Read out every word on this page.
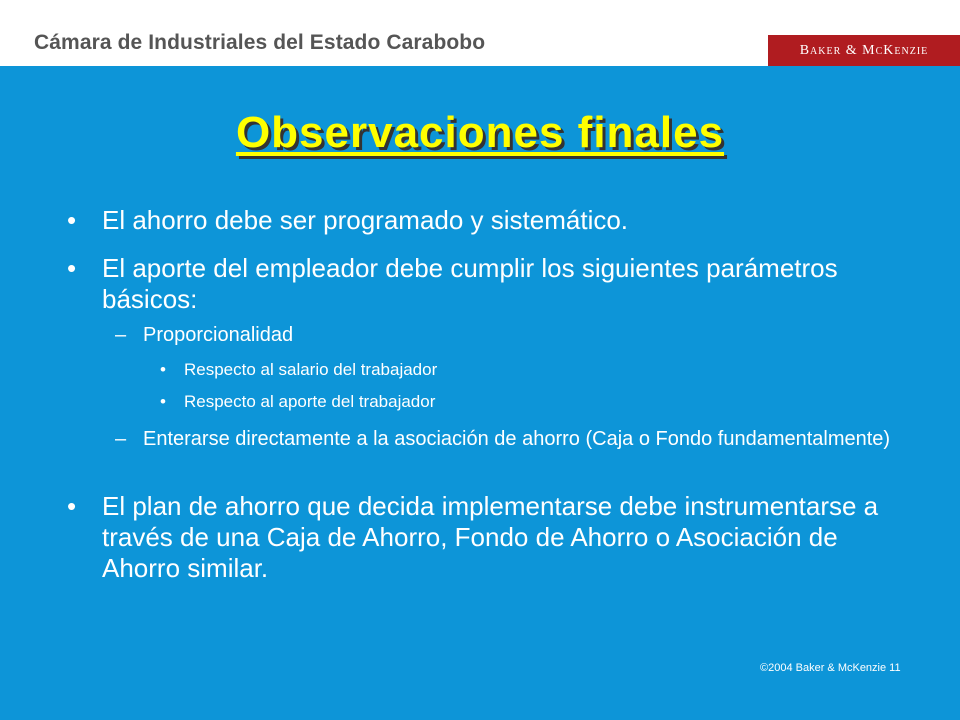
Cámara de Industriales del Estado Carabobo	Baker & McKenzie
Observaciones finales
• El ahorro debe ser programado y sistemático.
• El aporte del empleador debe cumplir los siguientes parámetros básicos:
– Proporcionalidad
• Respecto al salario del trabajador
• Respecto al aporte del trabajador
– Enterarse directamente a la asociación de ahorro (Caja o Fondo fundamentalmente)
• El plan de ahorro que decida implementarse debe instrumentarse a través de una Caja de Ahorro, Fondo de Ahorro o Asociación de Ahorro similar.
©2004 Baker & McKenzie 11
